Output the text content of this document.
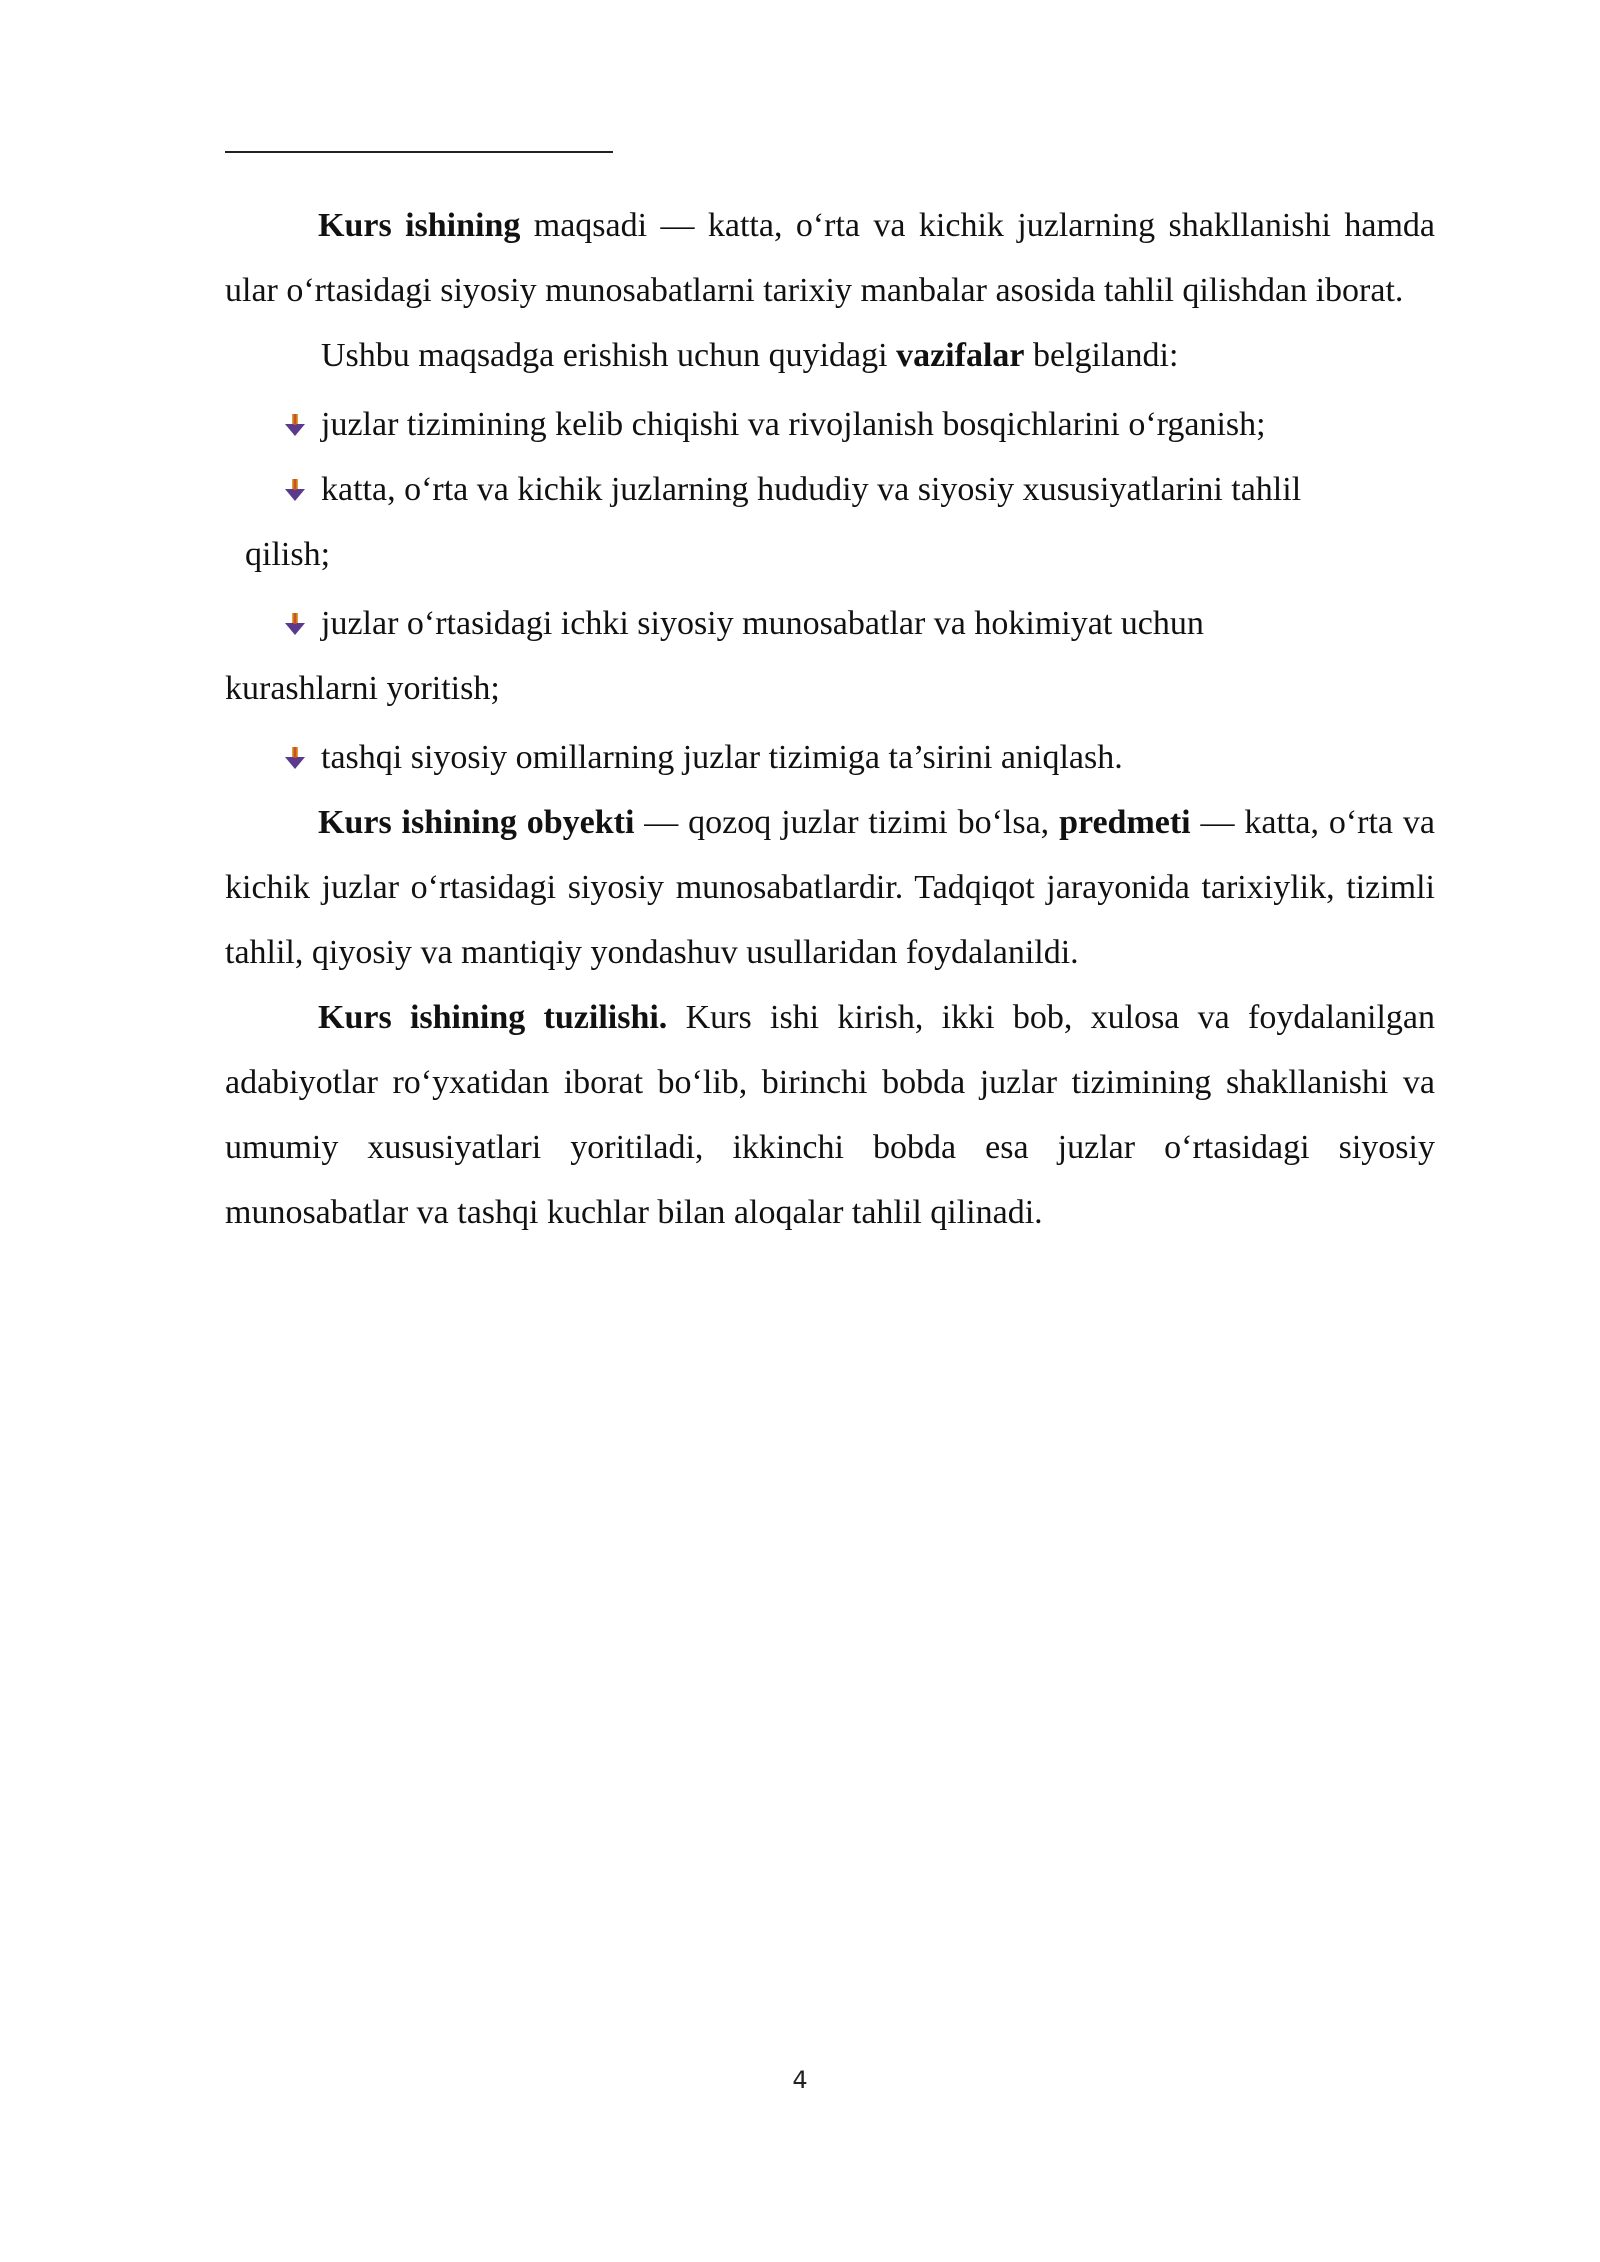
Kurs ishining maqsadi — katta, o‘rta va kichik juzlarning shakllanishi hamda ular o‘rtasidagi siyosiy munosabatlarni tarixiy manbalar asosida tahlil qilishdan iborat.

Ushbu maqsadga erishish uchun quyidagi vazifalar belgilandi:

juzlar tizimining kelib chiqishi va rivojlanish bosqichlarini o‘rganish;

katta, o‘rta va kichik juzlarning hududiy va siyosiy xususiyatlarini tahlil
qilish;

juzlar o‘rtasidagi ichki siyosiy munosabatlar va hokimiyat uchun
kurashlarni yoritish;

tashqi siyosiy omillarning juzlar tizimiga ta’sirini aniqlash.

Kurs ishining obyekti — qozoq juzlar tizimi bo‘lsa, predmeti — katta, o‘rta va kichik juzlar o‘rtasidagi siyosiy munosabatlardir. Tadqiqot jarayonida tarixiylik, tizimli tahlil, qiyosiy va mantiqiy yondashuv usullaridan foydalanildi.

Kurs ishining tuzilishi. Kurs ishi kirish, ikki bob, xulosa va foydalanilgan adabiyotlar ro‘yxatidan iborat bo‘lib, birinchi bobda juzlar tizimining shakllanishi va umumiy xususiyatlari yoritiladi, ikkinchi bobda esa juzlar o‘rtasidagi siyosiy munosabatlar va tashqi kuchlar bilan aloqalar tahlil qilinadi.

4
